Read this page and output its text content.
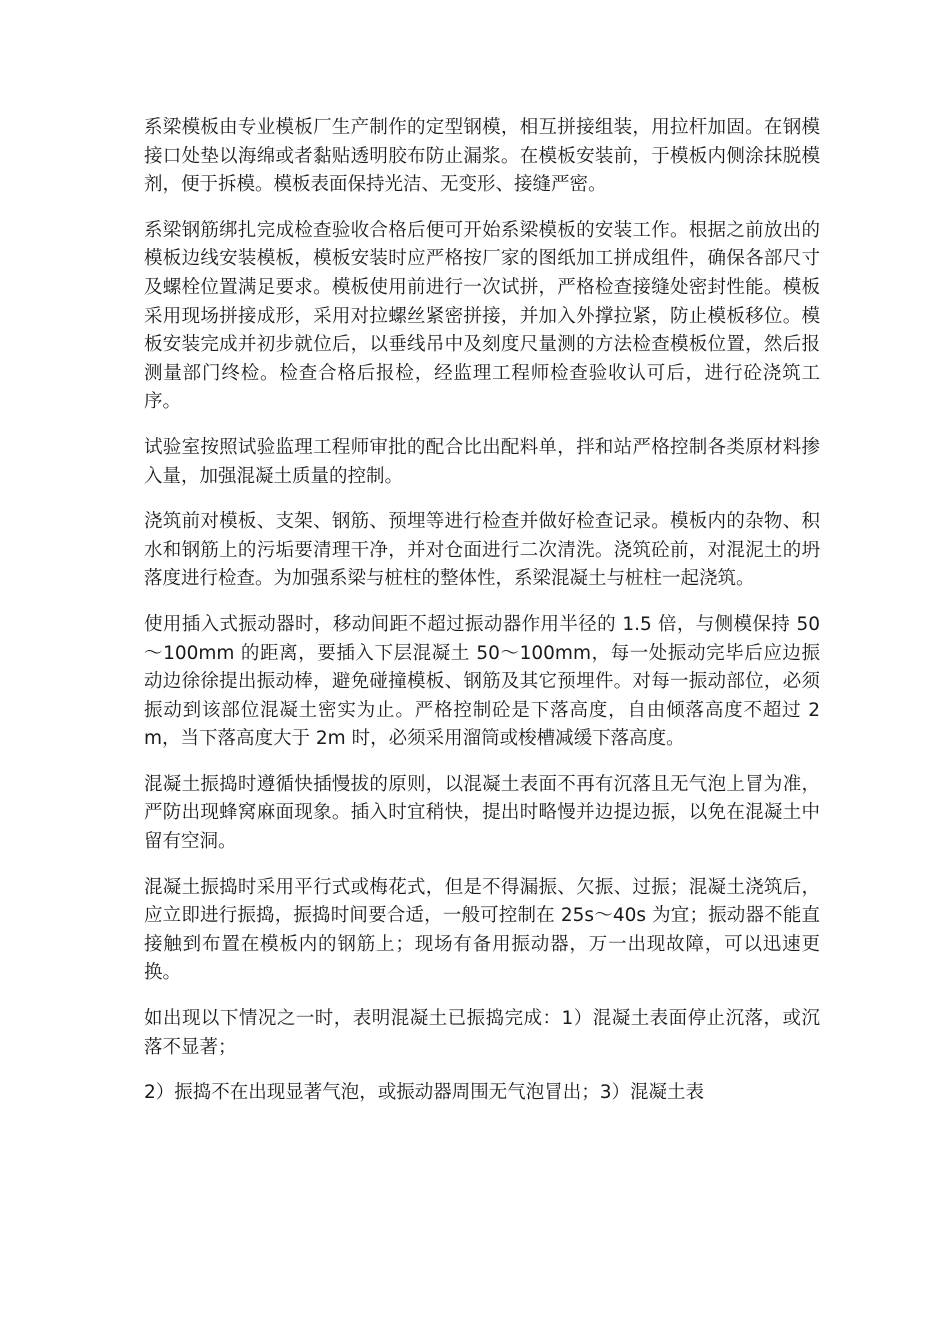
系梁模板由专业模板厂生产制作的定型钢模，相互拼接组装，用拉杆加固。在钢模接口处垫以海绵或者黏贴透明胶布防止漏浆。在模板安装前，于模板内侧涂抹脱模剂，便于拆模。模板表面保持光洁、无变形、接缝严密。

系梁钢筋绑扎完成检查验收合格后便可开始系梁模板的安装工作。根据之前放出的模板边线安装模板，模板安装时应严格按厂家的图纸加工拼成组件，确保各部尺寸及螺栓位置满足要求。模板使用前进行一次试拼，严格检查接缝处密封性能。模板采用现场拼接成形，采用对拉螺丝紧密拼接，并加入外撑拉紧，防止模板移位。模板安装完成并初步就位后，以垂线吊中及刻度尺量测的方法检查模板位置，然后报测量部门终检。检查合格后报检，经监理工程师检查验收认可后，进行砼浇筑工序。

试验室按照试验监理工程师审批的配合比出配料单，拌和站严格控制各类原材料掺入量，加强混凝土质量的控制。

浇筑前对模板、支架、钢筋、预埋等进行检查并做好检查记录。模板内的杂物、积水和钢筋上的污垢要清理干净，并对仓面进行二次清洗。浇筑砼前，对混泥土的坍落度进行检查。为加强系梁与桩柱的整体性，系梁混凝土与桩柱一起浇筑。

使用插入式振动器时，移动间距不超过振动器作用半径的 1.5 倍，与侧模保持 50～100mm 的距离，要插入下层混凝土 50～100mm，每一处振动完毕后应边振动边徐徐提出振动棒，避免碰撞模板、钢筋及其它预埋件。对每一振动部位，必须振动到该部位混凝土密实为止。严格控制砼是下落高度，自由倾落高度不超过 2m，当下落高度大于 2m 时，必须采用溜筒或梭槽减缓下落高度。

混凝土振捣时遵循快插慢拔的原则，以混凝土表面不再有沉落且无气泡上冒为准，严防出现蜂窝麻面现象。插入时宜稍快，提出时略慢并边提边振，以免在混凝土中留有空洞。

混凝土振捣时采用平行式或梅花式，但是不得漏振、欠振、过振；混凝土浇筑后，应立即进行振捣，振捣时间要合适，一般可控制在 25s～40s 为宜；振动器不能直接触到布置在模板内的钢筋上；现场有备用振动器，万一出现故障，可以迅速更换。

如出现以下情况之一时，表明混凝土已振捣完成：1）混凝土表面停止沉落，或沉落不显著；

2）振捣不在出现显著气泡，或振动器周围无气泡冒出；3）混凝土表
